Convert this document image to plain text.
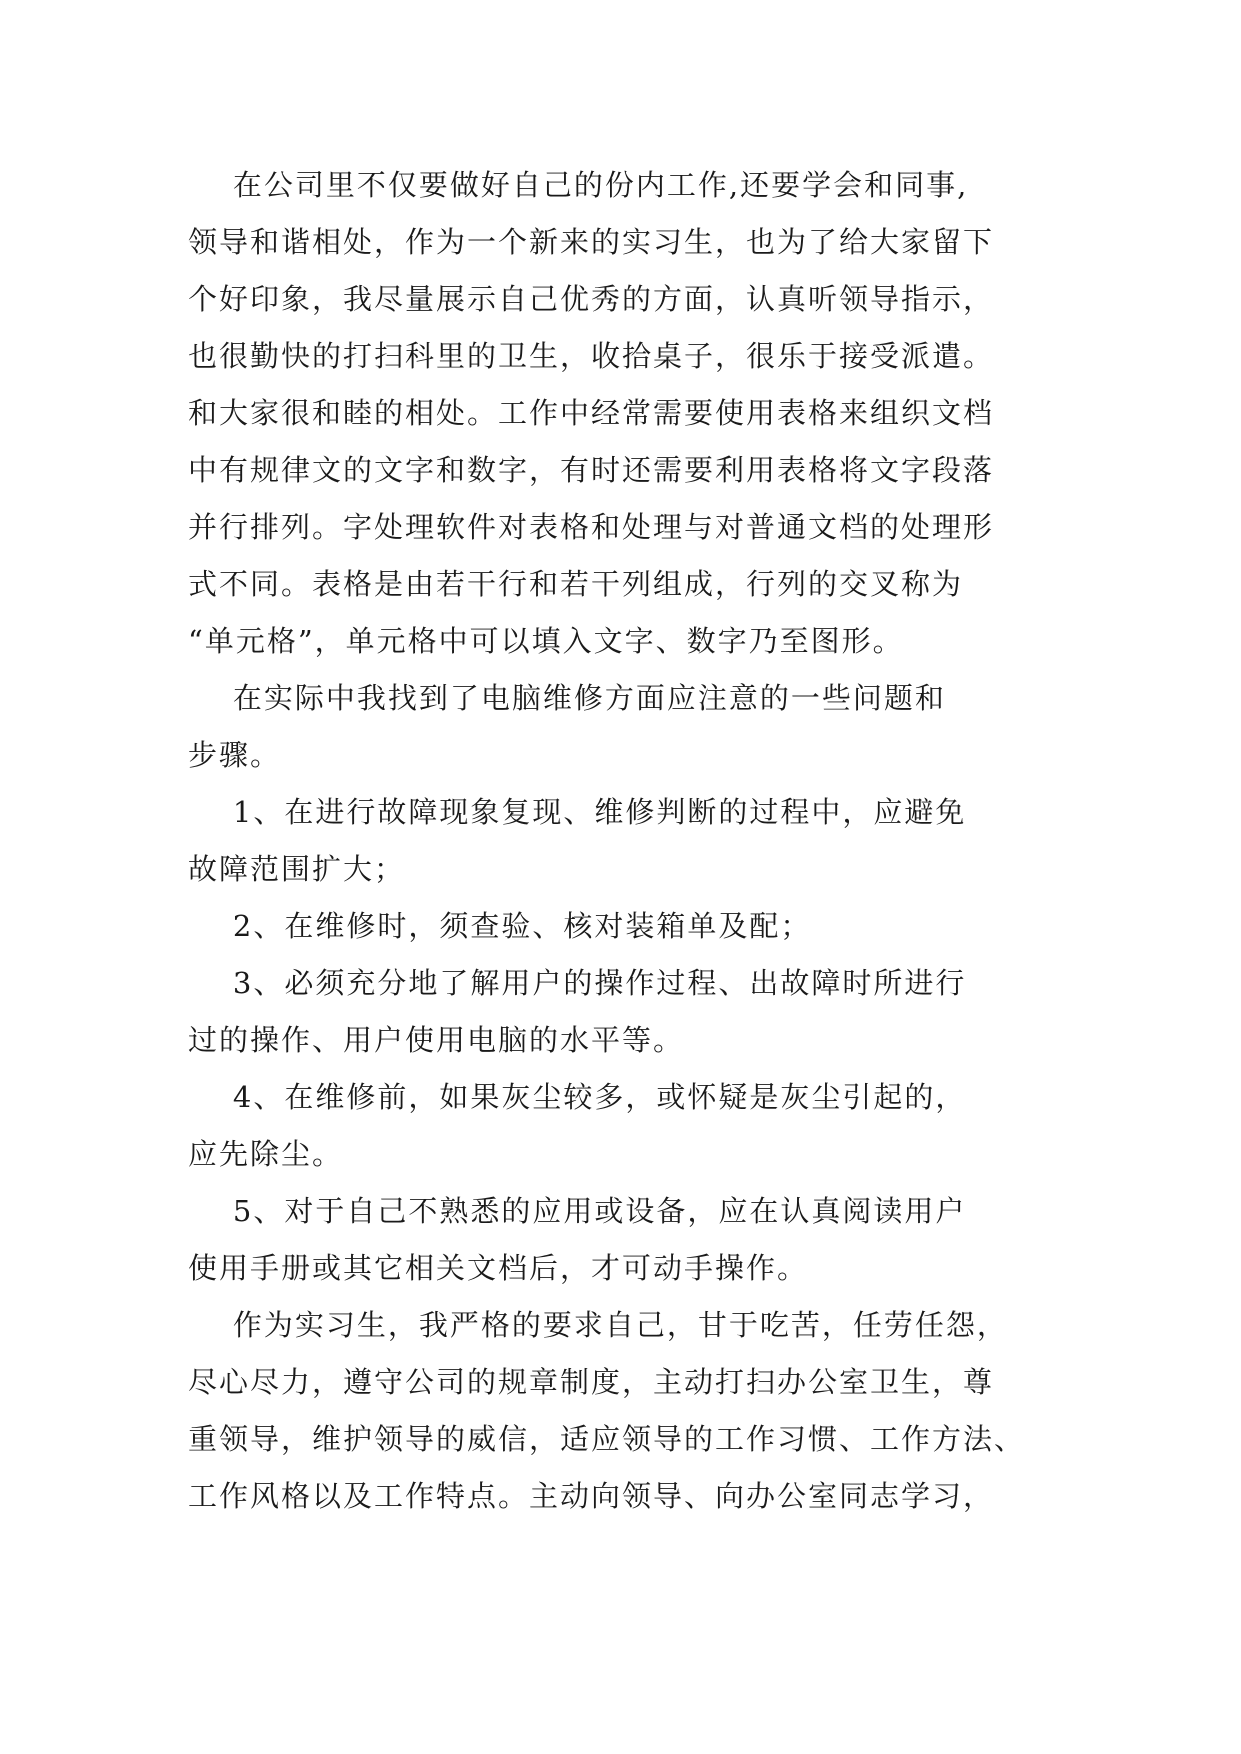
在公司里不仅要做好自己的份内工作,还要学会和同事,
领导和谐相处，作为一个新来的实习生，也为了给大家留下
个好印象，我尽量展示自己优秀的方面，认真听领导指示，
也很勤快的打扫科里的卫生，收拾桌子，很乐于接受派遣。
和大家很和睦的相处。工作中经常需要使用表格来组织文档
中有规律文的文字和数字，有时还需要利用表格将文字段落
并行排列。字处理软件对表格和处理与对普通文档的处理形
式不同。表格是由若干行和若干列组成，行列的交叉称为
“单元格”，单元格中可以填入文字、数字乃至图形。
在实际中我找到了电脑维修方面应注意的一些问题和
步骤。
1、在进行故障现象复现、维修判断的过程中，应避免
故障范围扩大；
2、在维修时，须查验、核对装箱单及配；
3、必须充分地了解用户的操作过程、出故障时所进行
过的操作、用户使用电脑的水平等。
4、在维修前，如果灰尘较多，或怀疑是灰尘引起的，
应先除尘。
5、对于自己不熟悉的应用或设备，应在认真阅读用户
使用手册或其它相关文档后，才可动手操作。
作为实习生，我严格的要求自己，甘于吃苦，任劳任怨，
尽心尽力，遵守公司的规章制度，主动打扫办公室卫生，尊
重领导，维护领导的威信，适应领导的工作习惯、工作方法、
工作风格以及工作特点。主动向领导、向办公室同志学习，
